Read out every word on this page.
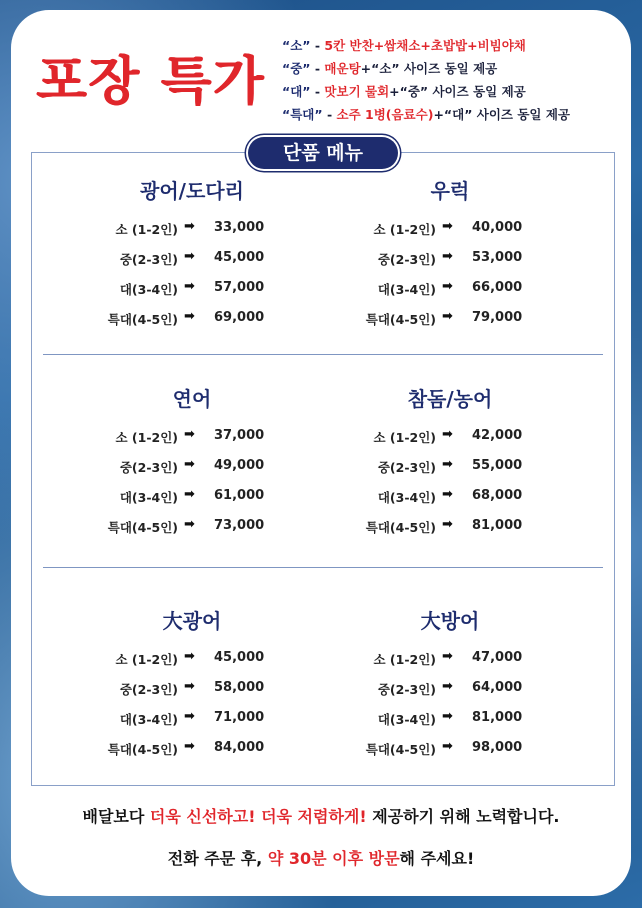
포장 특가
“소” - 5칸 반찬+쌈채소+초밥밥+비빔야채
“중” - 매운탕+“소” 사이즈 동일 제공
“대” - 맛보기 물회+“중” 사이즈 동일 제공
“특대” - 소주 1병(음료수)+“대” 사이즈 동일 제공
단품 메뉴
광어/도다리
소 (1-2인) ➡ 33,000
중(2-3인) ➡ 45,000
대(3-4인) ➡ 57,000
특대(4-5인) ➡ 69,000
우럭
소 (1-2인) ➡ 40,000
중(2-3인) ➡ 53,000
대(3-4인) ➡ 66,000
특대(4-5인) ➡ 79,000
연어
소 (1-2인) ➡ 37,000
중(2-3인) ➡ 49,000
대(3-4인) ➡ 61,000
특대(4-5인) ➡ 73,000
참돔/농어
소 (1-2인) ➡ 42,000
중(2-3인) ➡ 55,000
대(3-4인) ➡ 68,000
특대(4-5인) ➡ 81,000
大광어
소 (1-2인) ➡ 45,000
중(2-3인) ➡ 58,000
대(3-4인) ➡ 71,000
특대(4-5인) ➡ 84,000
大방어
소 (1-2인) ➡ 47,000
중(2-3인) ➡ 64,000
대(3-4인) ➡ 81,000
특대(4-5인) ➡ 98,000
배달보다 더욱 신선하고! 더욱 저렴하게! 제공하기 위해 노력합니다.
전화 주문 후, 약 30분 이후 방문해 주세요!
